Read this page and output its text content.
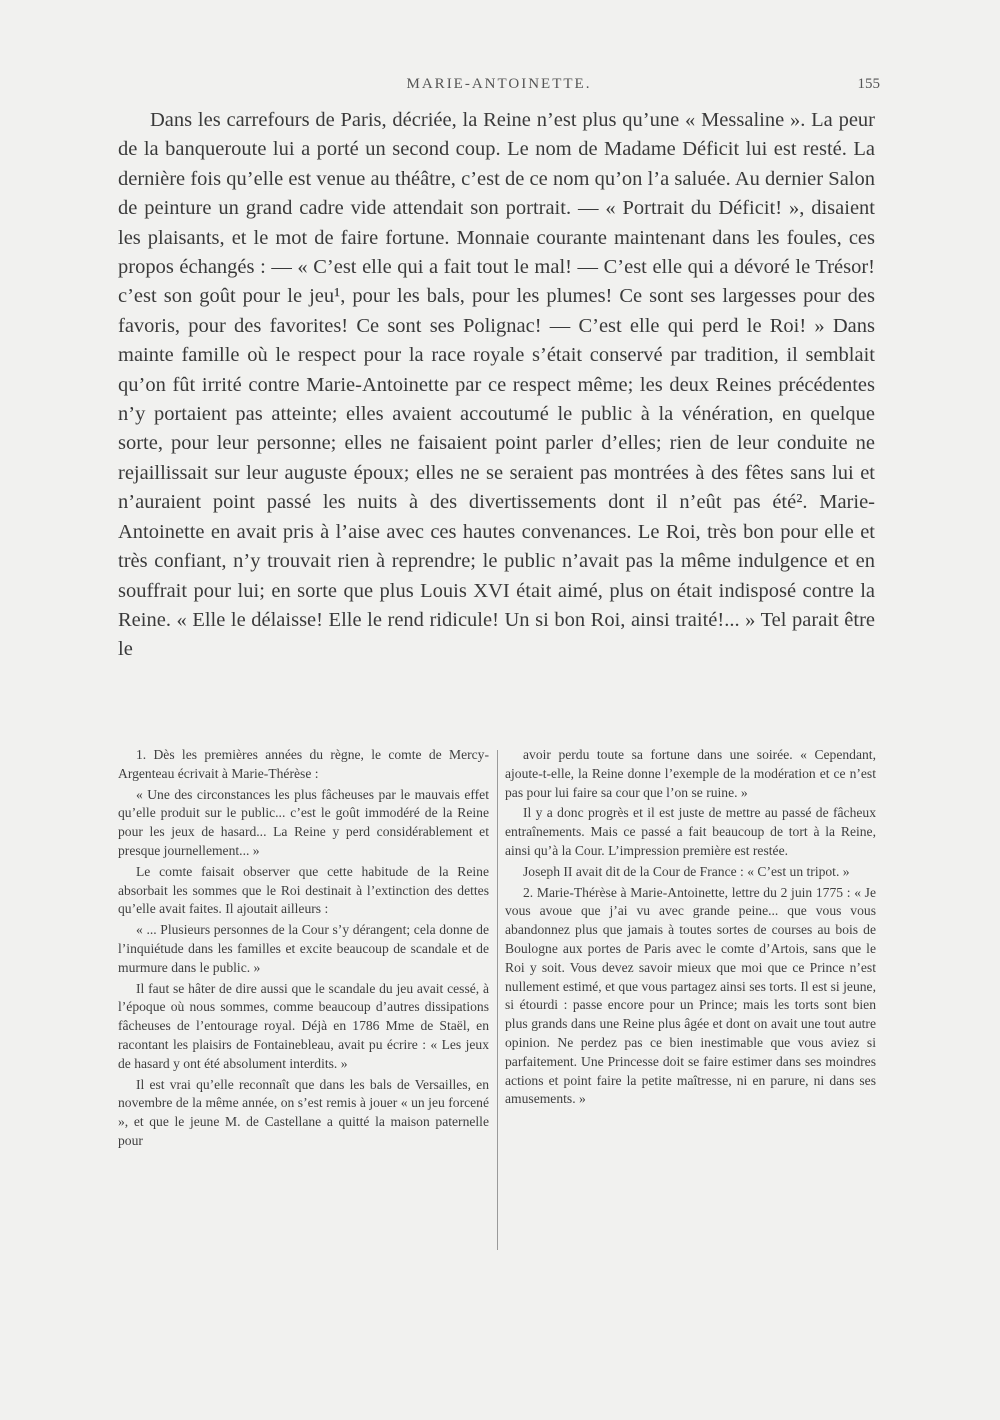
MARIE-ANTOINETTE.	155

Dans les carrefours de Paris, décriée, la Reine n’est plus qu’une « Messaline ». La peur de la banqueroute lui a porté un second coup. Le nom de Madame Déficit lui est resté. La dernière fois qu’elle est venue au théâtre, c’est de ce nom qu’on l’a saluée. Au dernier Salon de peinture un grand cadre vide attendait son portrait. — « Portrait du Déficit! », disaient les plaisants, et le mot de faire fortune. Monnaie courante maintenant dans les foules, ces propos échangés : — « C’est elle qui a fait tout le mal! — C’est elle qui a dévoré le Trésor! c’est son goût pour le jeu¹, pour les bals, pour les plumes! Ce sont ses largesses pour des favoris, pour des favorites! Ce sont ses Polignac! — C’est elle qui perd le Roi! » Dans mainte famille où le respect pour la race royale s’était conservé par tradition, il semblait qu’on fût irrité contre Marie-Antoinette par ce respect même; les deux Reines précédentes n’y portaient pas atteinte; elles avaient accoutumé le public à la vénération, en quelque sorte, pour leur personne; elles ne faisaient point parler d’elles; rien de leur conduite ne rejaillissait sur leur auguste époux; elles ne se seraient pas montrées à des fêtes sans lui et n’auraient point passé les nuits à des divertissements dont il n’eût pas été². Marie-Antoinette en avait pris à l’aise avec ces hautes convenances. Le Roi, très bon pour elle et très confiant, n’y trouvait rien à reprendre; le public n’avait pas la même indulgence et en souffrait pour lui; en sorte que plus Louis XVI était aimé, plus on était indisposé contre la Reine. « Elle le délaisse! Elle le rend ridicule! Un si bon Roi, ainsi traité!... » Tel parait être le

1. Dès les premières années du règne, le comte de Mercy-Argenteau écrivait à Marie-Thérèse :

« Une des circonstances les plus fâcheuses par le mauvais effet qu’elle produit sur le public... c’est le goût immodéré de la Reine pour les jeux de hasard... La Reine y perd considérablement et presque journellement... »

Le comte faisait observer que cette habitude de la Reine absorbait les sommes que le Roi destinait à l’extinction des dettes qu’elle avait faites. Il ajoutait ailleurs :

« ... Plusieurs personnes de la Cour s’y dérangent; cela donne de l’inquiétude dans les familles et excite beaucoup de scandale et de murmure dans le public. »

Il faut se hâter de dire aussi que le scandale du jeu avait cessé, à l’époque où nous sommes, comme beaucoup d’autres dissipations fâcheuses de l’entourage royal. Déjà en 1786 Mme de Staël, en racontant les plaisirs de Fontainebleau, avait pu écrire : « Les jeux de hasard y ont été absolument interdits. »

Il est vrai qu’elle reconnaît que dans les bals de Versailles, en novembre de la même année, on s’est remis à jouer « un jeu forcené », et que le jeune M. de Castellane a quitté la maison paternelle pour

avoir perdu toute sa fortune dans une soirée. « Cependant, ajoute-t-elle, la Reine donne l’exemple de la modération et ce n’est pas pour lui faire sa cour que l’on se ruine. »

Il y a donc progrès et il est juste de mettre au passé de fâcheux entraînements. Mais ce passé a fait beaucoup de tort à la Reine, ainsi qu’à la Cour. L’impression première est restée.

Joseph II avait dit de la Cour de France : « C’est un tripot. »

2. Marie-Thérèse à Marie-Antoinette, lettre du 2 juin 1775 : « Je vous avoue que j’ai vu avec grande peine... que vous vous abandonnez plus que jamais à toutes sortes de courses au bois de Boulogne aux portes de Paris avec le comte d’Artois, sans que le Roi y soit. Vous devez savoir mieux que moi que ce Prince n’est nullement estimé, et que vous partagez ainsi ses torts. Il est si jeune, si étourdi : passe encore pour un Prince; mais les torts sont bien plus grands dans une Reine plus âgée et dont on avait une tout autre opinion. Ne perdez pas ce bien inestimable que vous aviez si parfaitement. Une Princesse doit se faire estimer dans ses moindres actions et point faire la petite maîtresse, ni en parure, ni dans ses amusements. »
